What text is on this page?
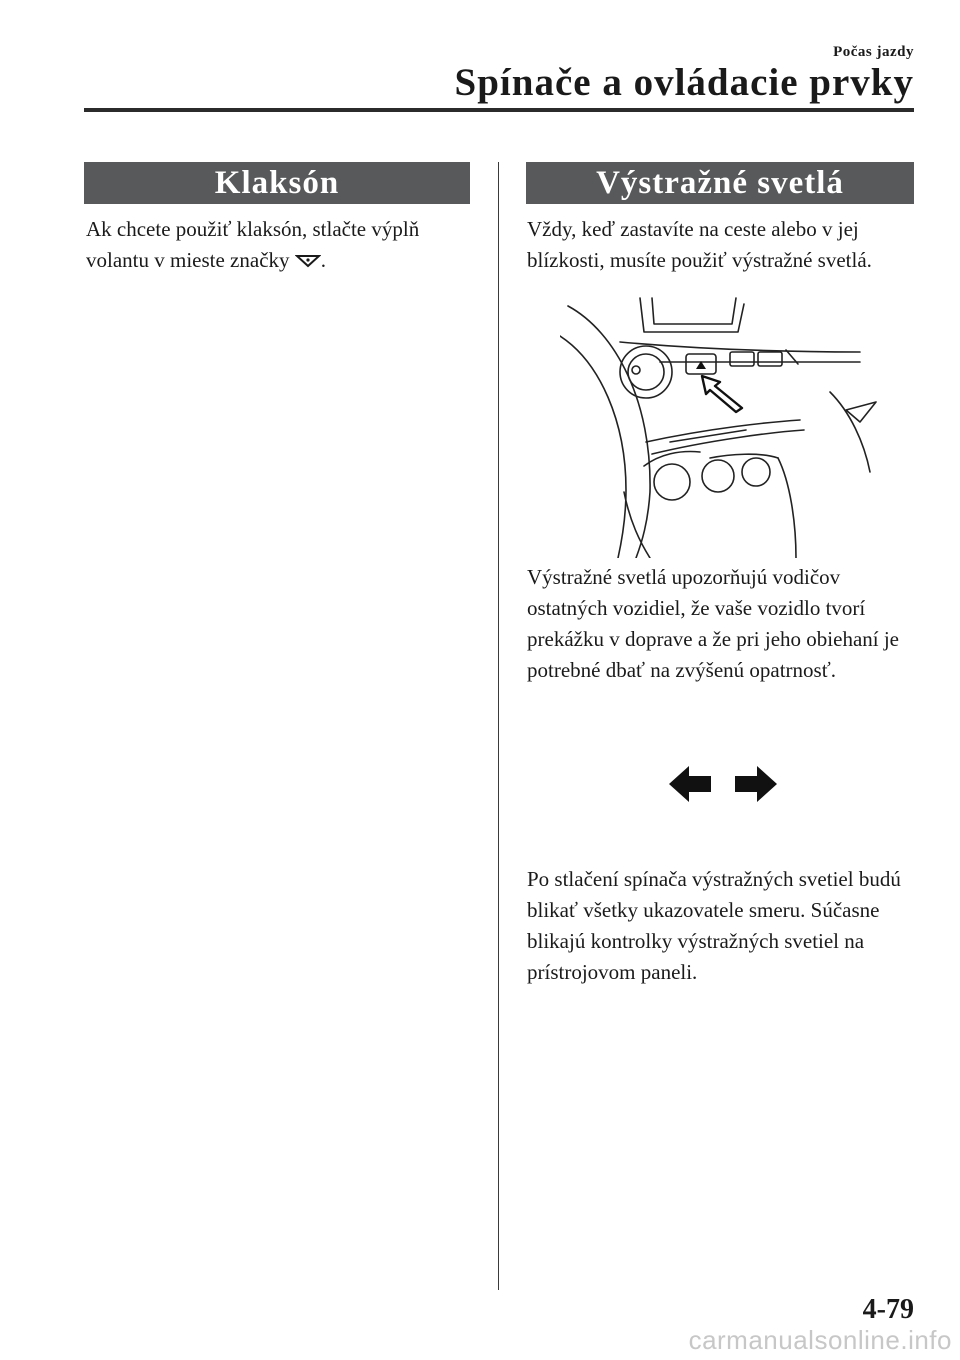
Počas jazdy
Spínače a ovládacie prvky
Klaksón

Ak chcete použiť klaksón, stlačte výplň volantu v mieste značky .

Výstražné svetlá

Vždy, keď zastavíte na ceste alebo v jej blízkosti, musíte použiť výstražné svetlá.

Výstražné svetlá upozorňujú vodičov ostatných vozidiel, že vaše vozidlo tvorí prekážku v doprave a že pri jeho obiehaní je potrebné dbať na zvýšenú opatrnosť.

Po stlačení spínača výstražných svetiel budú blikať všetky ukazovatele smeru. Súčasne blikajú kontrolky výstražných svetiel na prístrojovom paneli.

4-79
carmanualsonline.info
